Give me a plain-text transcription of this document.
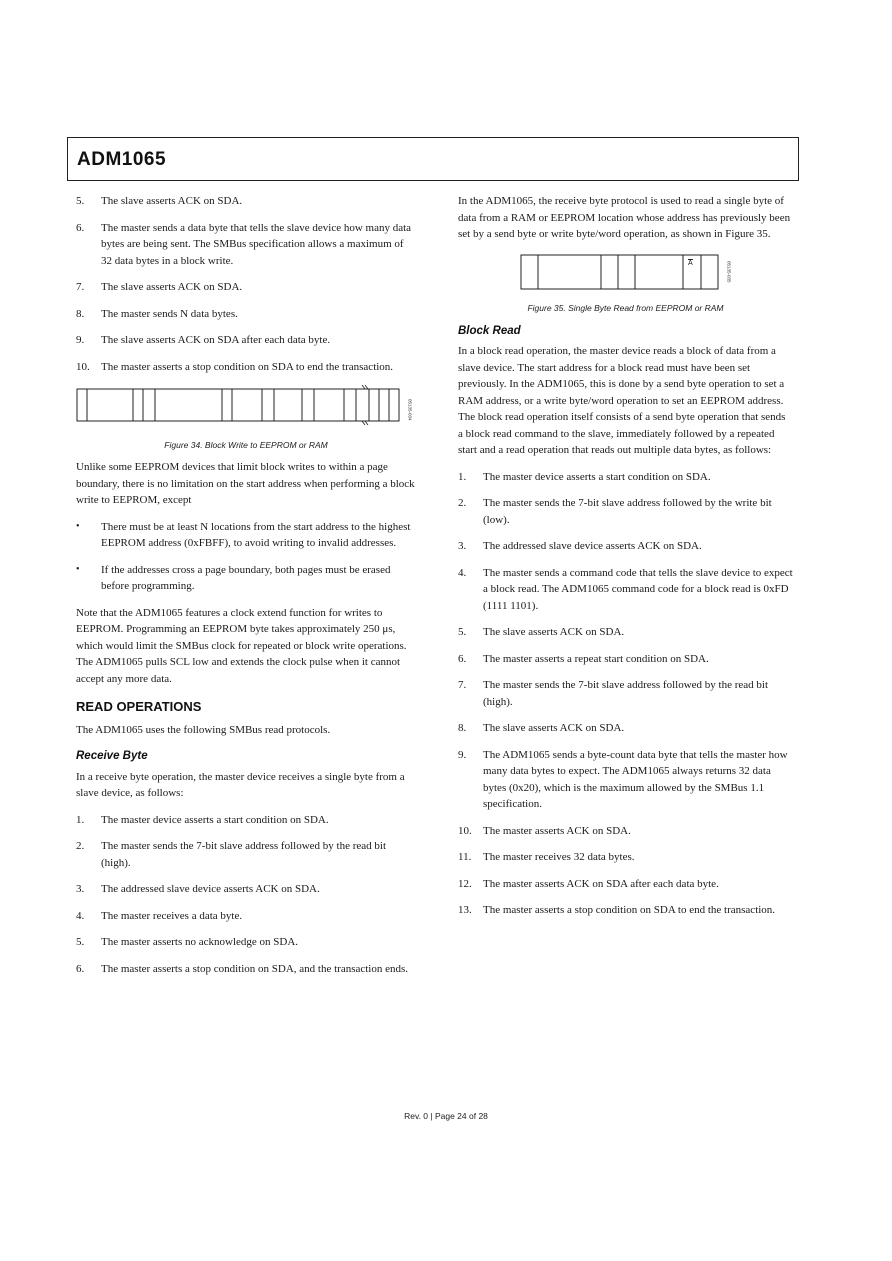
ADM1065
5. The slave asserts ACK on SDA.
6. The master sends a data byte that tells the slave device how many data bytes are being sent. The SMBus specification allows a maximum of 32 data bytes in a block write.
7. The slave asserts ACK on SDA.
8. The master sends N data bytes.
9. The slave asserts ACK on SDA after each data byte.
10. The master asserts a stop condition on SDA to end the transaction.
05135-034
Figure 34. Block Write to EEPROM or RAM

Unlike some EEPROM devices that limit block writes to within a page boundary, there is no limitation on the start address when performing a block write to EEPROM, except

• There must be at least N locations from the start address to the highest EEPROM address (0xFBFF), to avoid writing to invalid addresses.
• If the addresses cross a page boundary, both pages must be erased before programming.

Note that the ADM1065 features a clock extend function for writes to EEPROM. Programming an EEPROM byte takes approximately 250 μs, which would limit the SMBus clock for repeated or block write operations. The ADM1065 pulls SCL low and extends the clock pulse when it cannot accept any more data.

READ OPERATIONS

The ADM1065 uses the following SMBus read protocols.

Receive Byte

In a receive byte operation, the master device receives a single byte from a slave device, as follows:

1. The master device asserts a start condition on SDA.
2. The master sends the 7-bit slave address followed by the read bit (high).
3. The addressed slave device asserts ACK on SDA.
4. The master receives a data byte.
5. The master asserts no acknowledge on SDA.
6. The master asserts a stop condition on SDA, and the transaction ends.

In the ADM1065, the receive byte protocol is used to read a single byte of data from a RAM or EEPROM location whose address has previously been set by a send byte or write byte/word operation, as shown in Figure 35.

A	05135-035
Figure 35. Single Byte Read from EEPROM or RAM
Block Read

In a block read operation, the master device reads a block of data from a slave device. The start address for a block read must have been set previously. In the ADM1065, this is done by a send byte operation to set a RAM address, or a write byte/word operation to set an EEPROM address. The block read operation itself consists of a send byte operation that sends a block read command to the slave, immediately followed by a repeated start and a read operation that reads out multiple data bytes, as follows:

1. The master device asserts a start condition on SDA.
2. The master sends the 7-bit slave address followed by the write bit (low).
3. The addressed slave device asserts ACK on SDA.
4. The master sends a command code that tells the slave device to expect a block read. The ADM1065 command code for a block read is 0xFD (1111 1101).
5. The slave asserts ACK on SDA.
6. The master asserts a repeat start condition on SDA.
7. The master sends the 7-bit slave address followed by the read bit (high).
8. The slave asserts ACK on SDA.
9. The ADM1065 sends a byte-count data byte that tells the master how many data bytes to expect. The ADM1065 always returns 32 data bytes (0x20), which is the maximum allowed by the SMBus 1.1 specification.
10. The master asserts ACK on SDA.
11. The master receives 32 data bytes.
12. The master asserts ACK on SDA after each data byte.
13. The master asserts a stop condition on SDA to end the transaction.
Rev. 0 | Page 24 of 28
